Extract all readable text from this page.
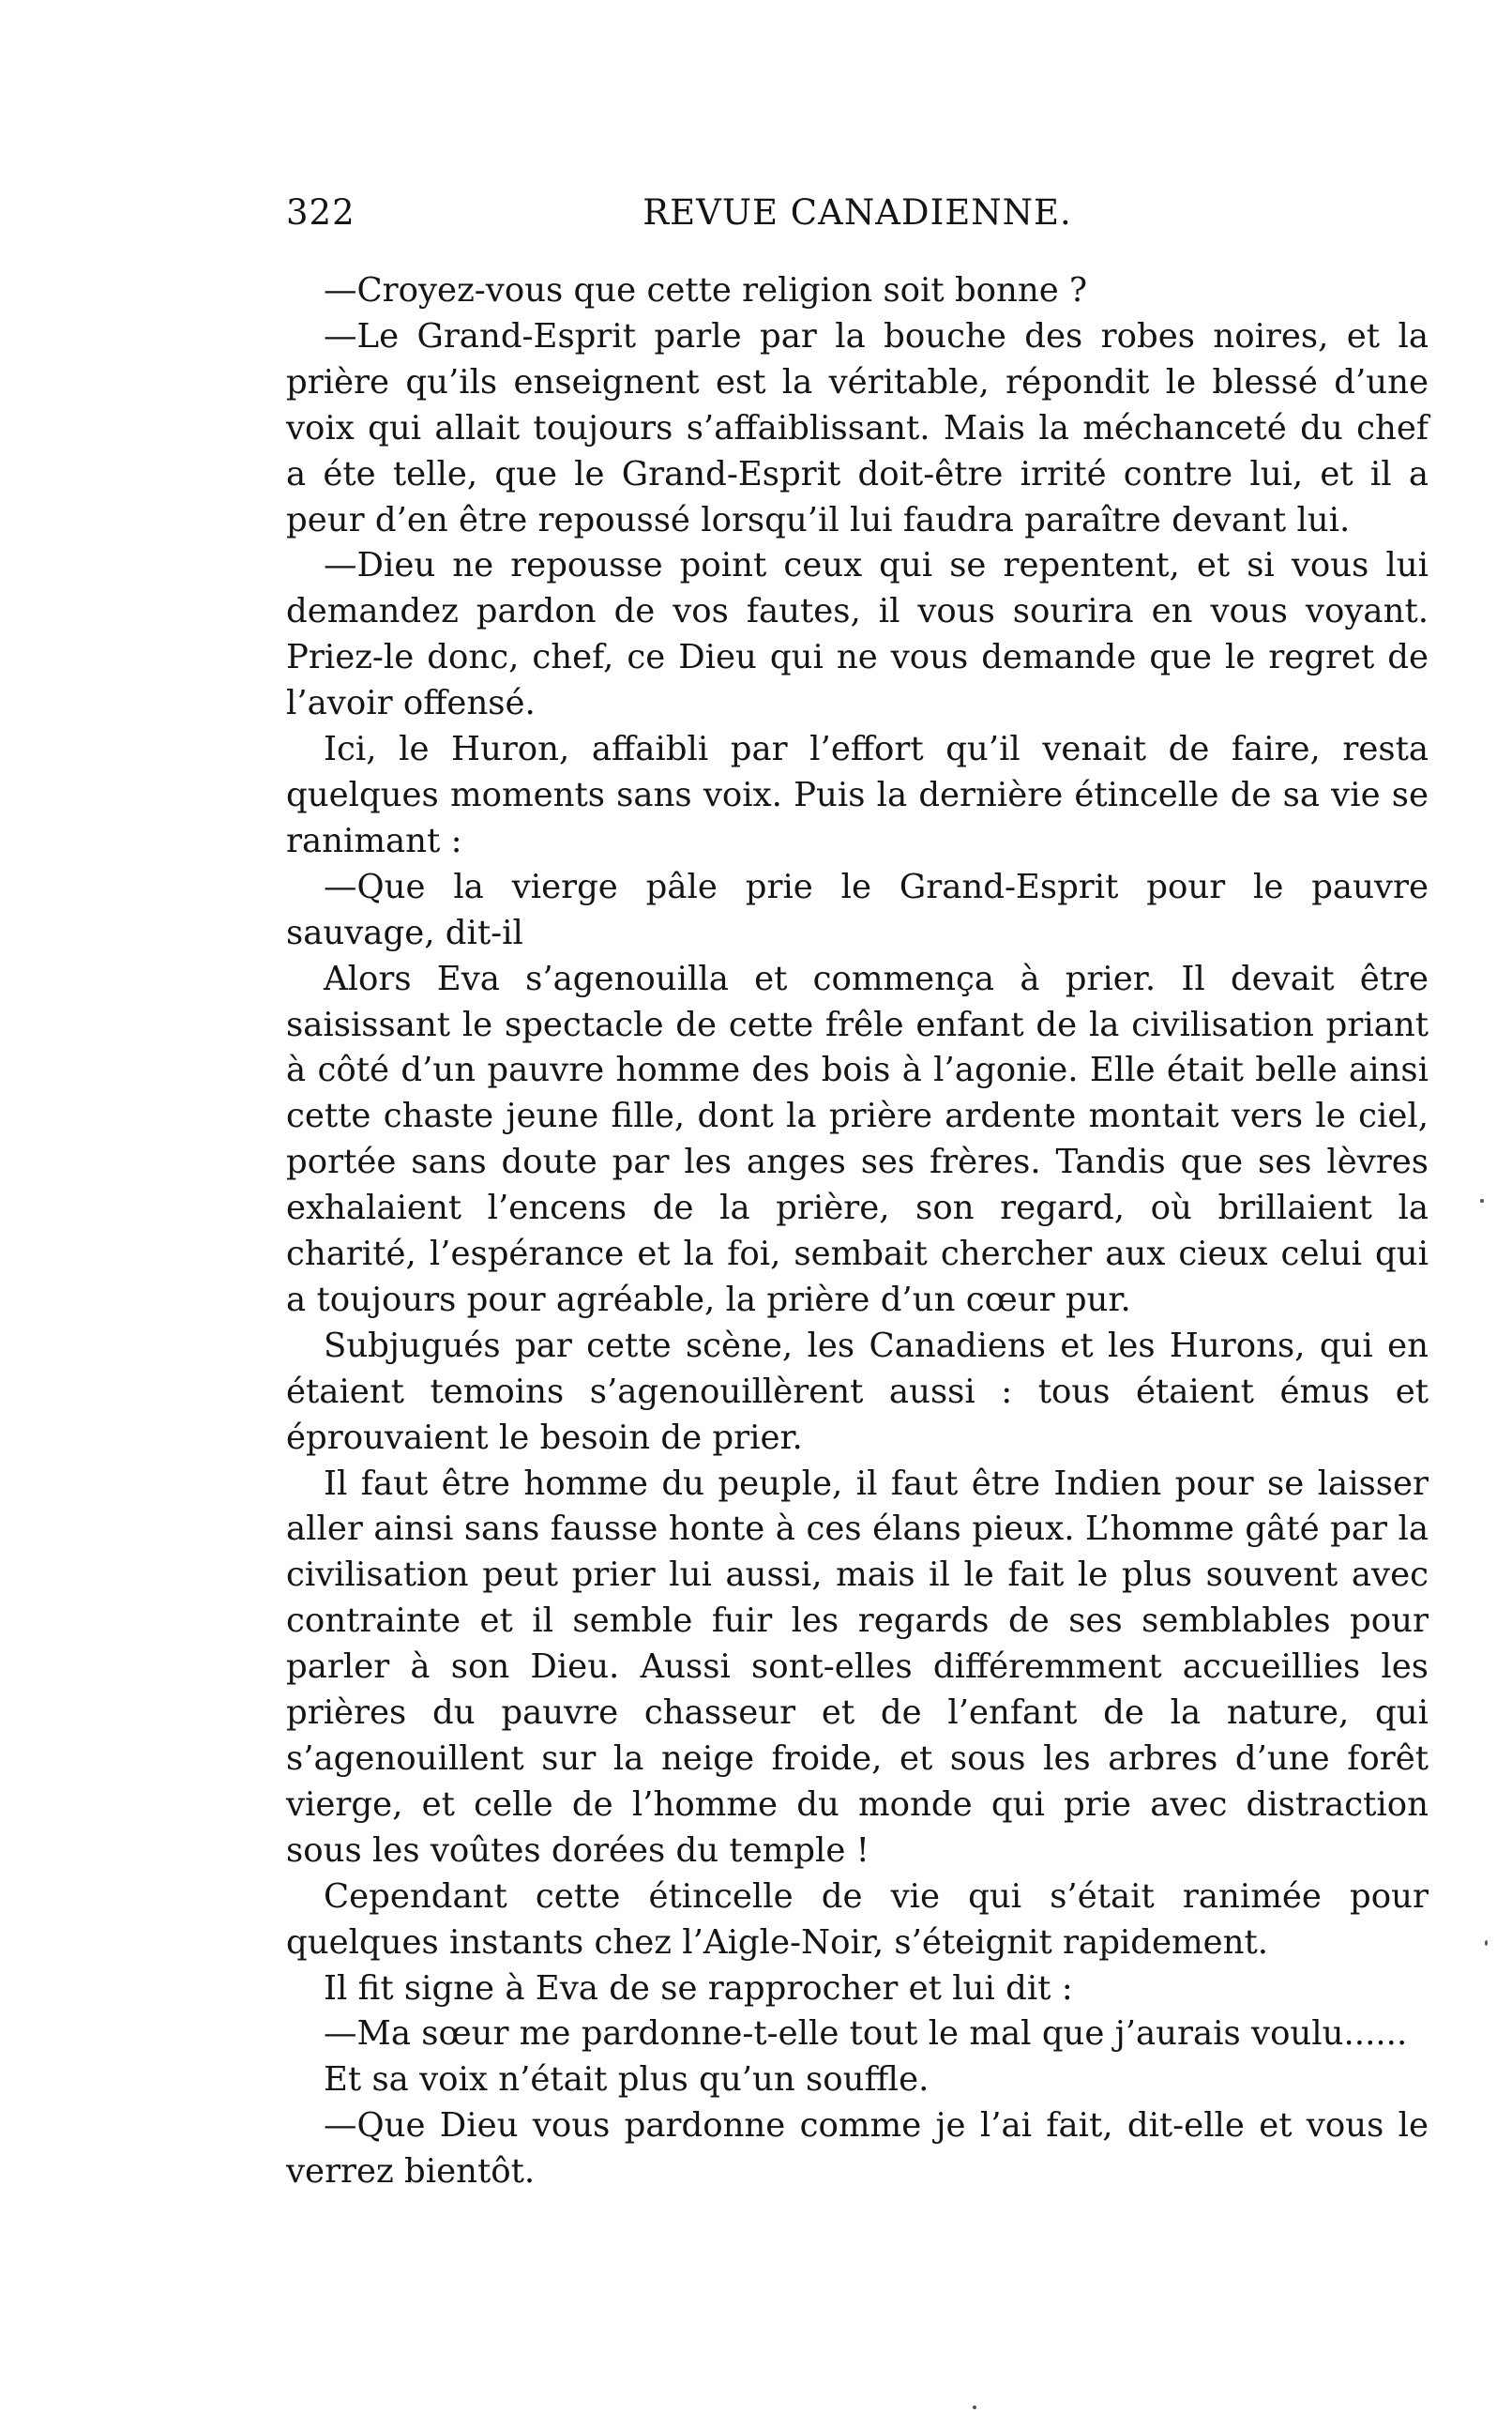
322	REVUE CANADIENNE.

—Croyez-vous que cette religion soit bonne ?

—Le Grand-Esprit parle par la bouche des robes noires, et la prière qu’ils enseignent est la véritable, répondit le blessé d’une voix qui allait toujours s’affaiblissant. Mais la méchanceté du chef a éte telle, que le Grand-Esprit doit-être irrité contre lui, et il a peur d’en être repoussé lorsqu’il lui faudra paraître devant lui.

—Dieu ne repousse point ceux qui se repentent, et si vous lui demandez pardon de vos fautes, il vous sourira en vous voyant. Priez-le donc, chef, ce Dieu qui ne vous demande que le regret de l’avoir offensé.

Ici, le Huron, affaibli par l’effort qu’il venait de faire, resta quelques moments sans voix. Puis la dernière étincelle de sa vie se ranimant :

—Que la vierge pâle prie le Grand-Esprit pour le pauvre sauvage, dit-il

Alors Eva s’agenouilla et commença à prier. Il devait être saisissant le spectacle de cette frêle enfant de la civilisation priant à côté d’un pauvre homme des bois à l’agonie. Elle était belle ainsi cette chaste jeune fille, dont la prière ardente montait vers le ciel, portée sans doute par les anges ses frères. Tandis que ses lèvres exhalaient l’encens de la prière, son regard, où brillaient la charité, l’espérance et la foi, sembait chercher aux cieux celui qui a toujours pour agréable, la prière d’un cœur pur.

Subjugués par cette scène, les Canadiens et les Hurons, qui en étaient temoins s’agenouillèrent aussi : tous étaient émus et éprouvaient le besoin de prier.

Il faut être homme du peuple, il faut être Indien pour se laisser aller ainsi sans fausse honte à ces élans pieux. L’homme gâté par la civilisation peut prier lui aussi, mais il le fait le plus souvent avec contrainte et il semble fuir les regards de ses semblables pour parler à son Dieu. Aussi sont-elles différemment accueillies les prières du pauvre chasseur et de l’enfant de la nature, qui s’agenouillent sur la neige froide, et sous les arbres d’une forêt vierge, et celle de l’homme du monde qui prie avec distraction sous les voûtes dorées du temple !

Cependant cette étincelle de vie qui s’était ranimée pour quelques instants chez l’Aigle-Noir, s’éteignit rapidement.

Il fit signe à Eva de se rapprocher et lui dit :

—Ma sœur me pardonne-t-elle tout le mal que j’aurais voulu......

Et sa voix n’était plus qu’un souffle.

—Que Dieu vous pardonne comme je l’ai fait, dit-elle et vous le verrez bientôt.
